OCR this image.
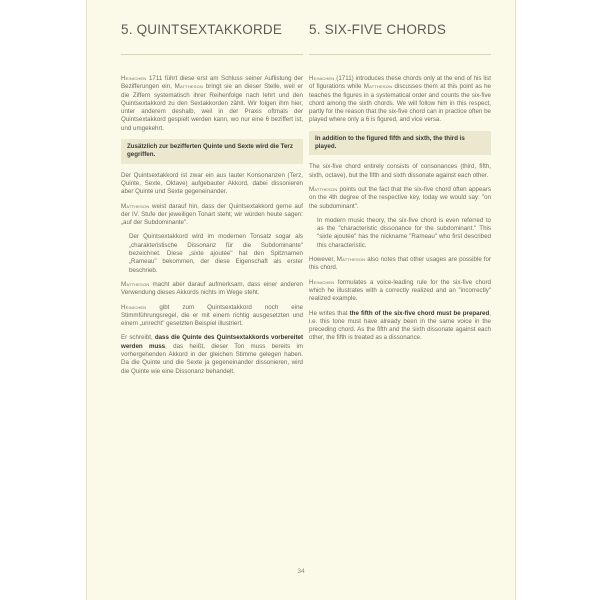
5. QUINTSEXTAKKORDE

Heinichen 1711 führt diese erst am Schluss seiner Auflistung der Bezifferungen ein, Mattheson bringt sie an dieser Stelle, weil er die Ziffern systematisch ihrer Reihenfolge nach lehrt und den Quintsextakkord zu den Sextakkorden zählt. Wir folgen ihm hier, unter anderem deshalb, weil in der Praxis oftmals der Quintsextakkord gespielt werden kann, wo nur eine 6 beziffert ist, und umgekehrt.

Zusätzlich zur bezifferten Quinte und Sexte wird die Terz gegriffen.

Der Quintsextakkord ist zwar ein aus lauter Konsonanzen (Terz, Quinte, Sexte, Oktave) aufgebauter Akkord, dabei dissonieren aber Quinte und Sexte gegeneinander.

Mattheson weist darauf hin, dass der Quintsextakkord gerne auf der IV. Stufe der jeweiligen Tonart steht; wir würden heute sagen: „auf der Subdominante".

Der Quintsextakkord wird im modernen Tonsatz sogar als „charakteristische Dissonanz für die Subdominante" bezeichnet. Diese „sixte ajoutée" hat den Spitznamen „Rameau" bekommen, der diese Eigenschaft als erster beschrieb.

Mattheson macht aber darauf aufmerksam, dass einer anderen Verwendung dieses Akkords nichts im Wege steht.

Heinichen gibt zum Quintsextakkord noch eine Stimmführungsregel, die er mit einem richtig ausgesetzten und einem „unrecht" gesetzten Beispiel illustriert.

Er schreibt, dass die Quinte des Quintsextakkords vorbereitet werden muss, das heißt, dieser Ton muss bereits im vorhergehenden Akkord in der gleichen Stimme gelegen haben. Da die Quinte und die Sexte ja gegeneinander dissonieren, wird die Quinte wie eine Dissonanz behandelt.

5. SIX-FIVE CHORDS

Heinichen (1711) introduces these chords only at the end of his list of figurations while Mattheson discusses them at this point as he teaches the figures in a systematical order and counts the six-five chord among the sixth chords. We will follow him in this respect, partly for the reason that the six-five chord can in practice often be played where only a 6 is figured, and vice versa.

In addition to the figured fifth and sixth, the third is played.

The six-five chord entirely consists of consonances (third, fifth, sixth, octave), but the fifth and sixth dissonate against each other.

Mattheson points out the fact that the six-five chord often appears on the 4th degree of the respective key, today we would say: "on the subdominant".

In modern music theory, the six-five chord is even referred to as the "characteristic dissonance for the subdominant." This "sixte ajoutée" has the nickname "Rameau" who first described this characteristic.

However, Mattheson also notes that other usages are possible for this chord.

Heinichen formulates a voice-leading rule for the six-five chord which he illustrates with a correctly realized and an "incorrectly" realized example.

He writes that the fifth of the six-five chord must be prepared, i.e. this tone must have already been in the same voice in the preceding chord. As the fifth and the sixth dissonate against each other, the fifth is treated as a dissonance.

34
